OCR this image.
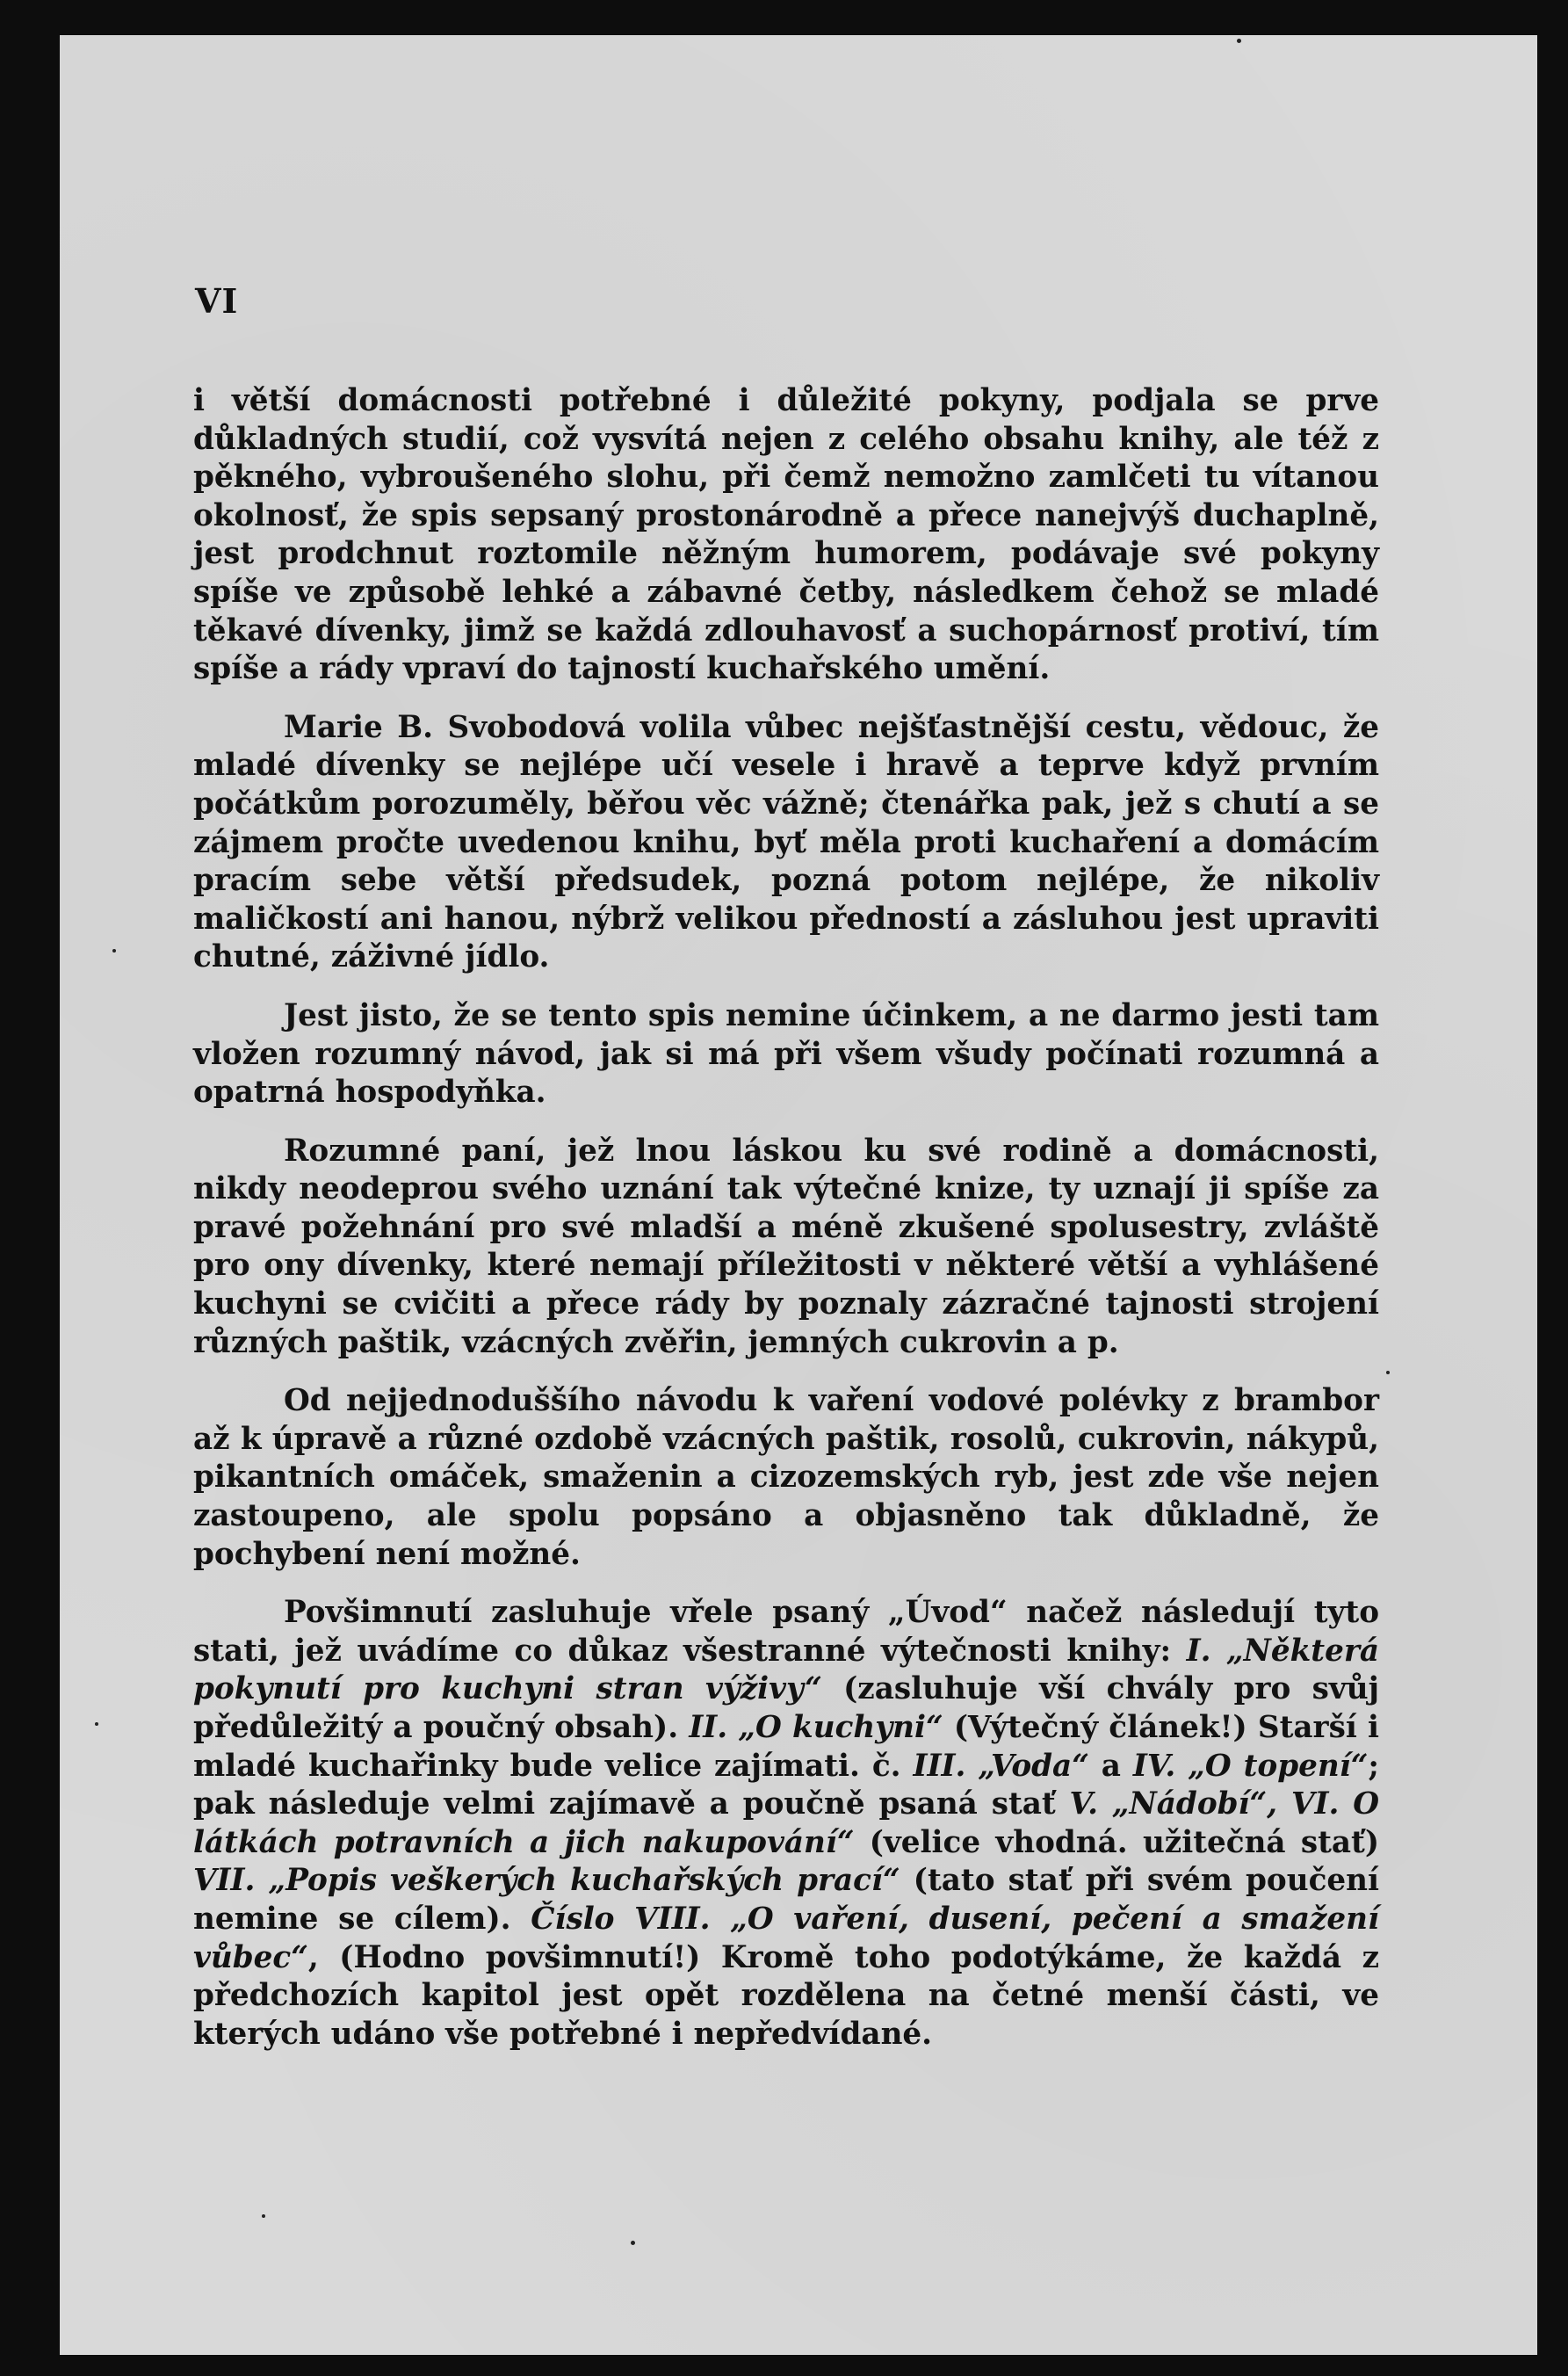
VI

i větší domácnosti potřebné i důležité pokyny, podjala se prve důkladných studií, což vysvítá nejen z celého obsahu knihy, ale též z pěkného, vybroušeného slohu, při čemž nemožno zamlčeti tu vítanou okolnosť, že spis sepsaný prostonárodně a přece nanejvýš duchaplně, jest prodchnut roztomile něžným humorem, podávaje své pokyny spíše ve způsobě lehké a zábavné četby, následkem čehož se mladé těkavé dívenky, jimž se každá zdlouhavosť a suchopárnosť protiví, tím spíše a rády vpraví do tajností kuchařského umění.

Marie B. Svobodová volila vůbec nejšťastnější cestu, vědouc, že mladé dívenky se nejlépe učí vesele i hravě a teprve když prvním počátkům porozuměly, běřou věc vážně; čtenářka pak, jež s chutí a se zájmem pročte uvedenou knihu, byť měla proti kuchaření a domácím pracím sebe větší předsudek, pozná potom nejlépe, že nikoliv maličkostí ani hanou, nýbrž velikou předností a zásluhou jest upraviti chutné, záživné jídlo.

Jest jisto, že se tento spis nemine účinkem, a ne darmo jesti tam vložen rozumný návod, jak si má při všem všudy počínati rozumná a opatrná hospodyňka.

Rozumné paní, jež lnou láskou ku své rodině a domácnosti, nikdy neodeprou svého uznání tak výtečné knize, ty uznají ji spíše za pravé požehnání pro své mladší a méně zkušené spolusestry, zvláště pro ony dívenky, které nemají příležitosti v některé větší a vyhlášené kuchyni se cvičiti a přece rády by poznaly zázračné tajnosti strojení různých paštik, vzácných zvěřin, jemných cukrovin a p.

Od nejjednoduššího návodu k vaření vodové polévky z brambor až k úpravě a různé ozdobě vzácných paštik, rosolů, cukrovin, nákypů, pikantních omáček, smaženin a cizozemských ryb, jest zde vše nejen zastoupeno, ale spolu popsáno a objasněno tak důkladně, že pochybení není možné.

Povšimnutí zasluhuje vřele psaný „Úvod“ načež následují tyto stati, jež uvádíme co důkaz všestranné výtečnosti knihy: I. „Některá pokynutí pro kuchyni stran výživy“ (zasluhuje vší chvály pro svůj předůležitý a poučný obsah). II. „O kuchyni“ (Výtečný článek!) Starší i mladé kuchařinky bude velice zajímati. č. III. „Voda“ a IV. „O topení“; pak následuje velmi zajímavě a poučně psaná stať V. „Nádobí“, VI. O látkách potravních a jich nakupování“ (velice vhodná. užitečná stať) VII. „Popis veškerých kuchařských prací“ (tato stať při svém poučení nemine se cílem). Číslo VIII. „O vaření, dusení, pečení a smažení vůbec“, (Hodno povšimnutí!) Kromě toho podotýkáme, že každá z předchozích kapitol jest opět rozdělena na četné menší části, ve kterých udáno vše potřebné i nepředvídané.
